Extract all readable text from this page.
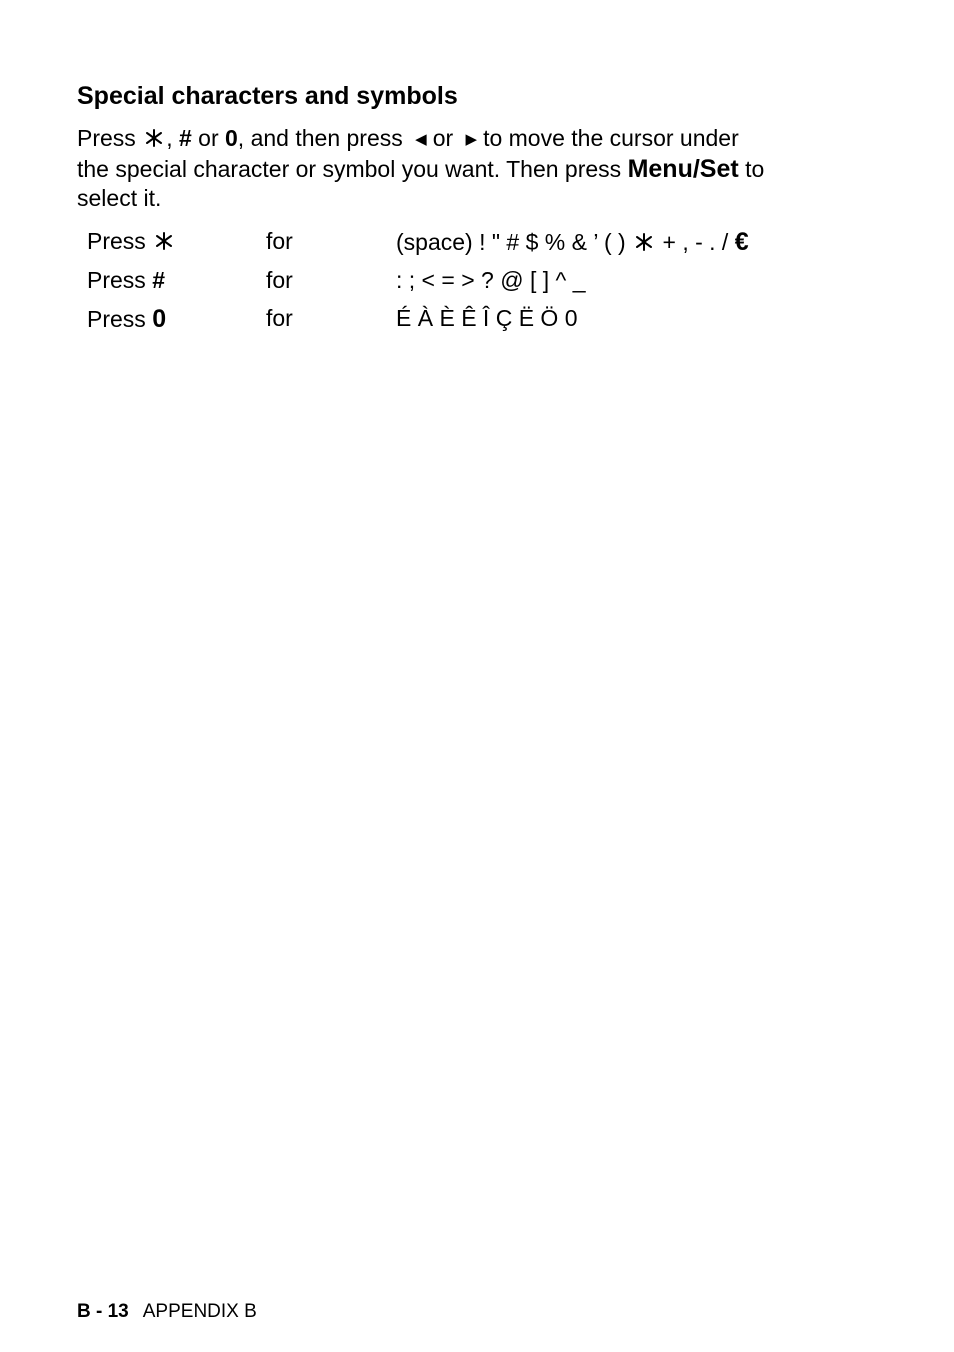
Special characters and symbols
Press , # or 0, and then press ◀ or ▶ to move the cursor under
the special character or symbol you want. Then press Menu/Set to
select it.
Press	for	(space) ! " # $ % & ’ ( ) + , - . / €
Press #	for	: ; < = > ? @ [ ] ^ _
Press 0	for	É À È Ê Î Ç Ë Ö 0
B - 13 APPENDIX B
